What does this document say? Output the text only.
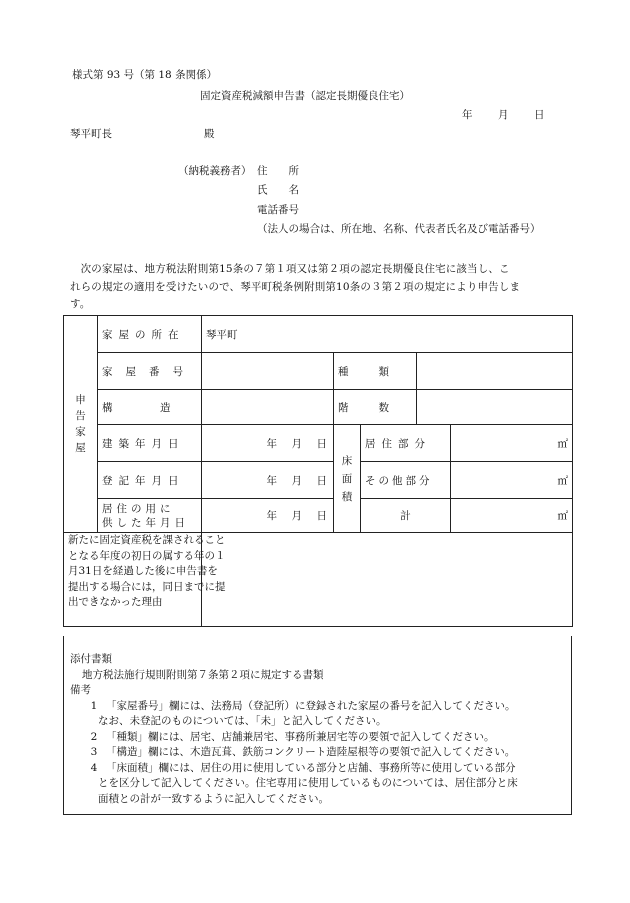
様式第 93 号（第 18 条関係）
固定資産税減額申告書（認定長期優良住宅）
年 月 日
琴平町長	殿
（納税義務者） 住　　所
氏　　名
電話番号
（法人の場合は、所在地、名称、代表者氏名及び電話番号）

　次の家屋は、地方税法附則第15条の７第１項又は第２項の認定長期優良住宅に該当し、こ

れらの規定の適用を受けたいので、琴平町税条例附則第10条の３第２項の規定により申告しま

す。

申告家屋	家屋の所在	琴平町				
	家屋番号		種　　類			
	構　　　造		階　　数			
	建築年月日	年　月　日	床面積	居住部分		㎡
	登記年月日	年　月　日		その他部分		㎡

	居住の用に
供した年月日	年　月　日		計		㎡

新たに固定資産税を課されることとなる年度の初日の属する年の１月31日を経過した後に申告書を提出する場合には，同日までに提出できなかった理由						

添付書類
地方税法施行規則附則第７条第２項に規定する書類
備考
1 「家屋番号」欄には、法務局（登記所）に登録された家屋の番号を記入してください。
なお、未登記のものについては、「未」と記入してください。
2 「種類」欄には、居宅、店舗兼居宅、事務所兼居宅等の要領で記入してください。
3 「構造」欄には、木造瓦葺、鉄筋コンクリート造陸屋根等の要領で記入してください。
4 「床面積」欄には、居住の用に使用している部分と店舗、事務所等に使用している部分
とを区分して記入してください。住宅専用に使用しているものについては、居住部分と床
面積との計が一致するように記入してください。
